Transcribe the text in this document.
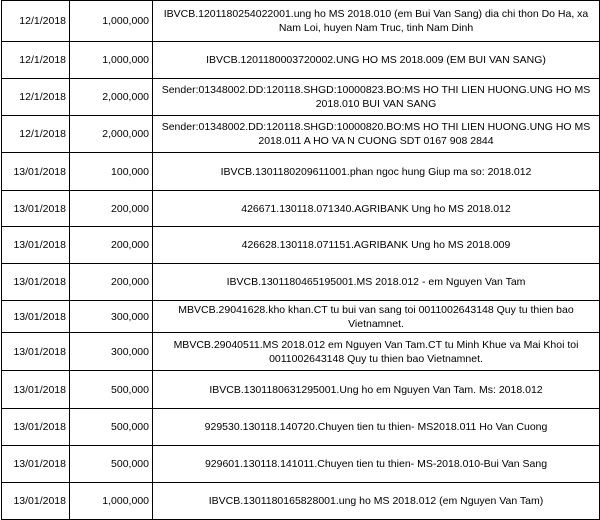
12/1/2018	1,000,000	IBVCB.1201180254022001.ung ho MS 2018.010 (em Bui Van Sang) dia chi thon Do Ha, xa Nam Loi, huyen Nam Truc, tinh Nam Dinh
12/1/2018	1,000,000	IBVCB.1201180003720002.UNG HO MS 2018.009 (EM BUI VAN SANG)
12/1/2018	2,000,000	Sender:01348002.DD:120118.SHGD:10000823.BO:MS HO THI LIEN HUONG.UNG HO MS 2018.010 BUI VAN SANG
12/1/2018	2,000,000	Sender:01348002.DD:120118.SHGD:10000820.BO:MS HO THI LIEN HUONG.UNG HO MS 2018.011 A HO VA N CUONG SDT 0167 908 2844
13/01/2018	100,000	IBVCB.1301180209611001.phan ngoc hung Giup ma so: 2018.012
13/01/2018	200,000	426671.130118.071340.AGRIBANK Ung ho MS 2018.012
13/01/2018	200,000	426628.130118.071151.AGRIBANK Ung ho MS 2018.009
13/01/2018	200,000	IBVCB.1301180465195001.MS 2018.012 - em Nguyen Van Tam
13/01/2018	300,000	MBVCB.29041628.kho khan.CT tu bui van sang toi 0011002643148 Quy tu thien bao Vietnamnet.
13/01/2018	300,000	MBVCB.29040511.MS 2018.012 em Nguyen Van Tam.CT tu Minh Khue va Mai Khoi toi 0011002643148 Quy tu thien bao Vietnamnet.
13/01/2018	500,000	IBVCB.1301180631295001.Ung ho em Nguyen Van Tam. Ms: 2018.012
13/01/2018	500,000	929530.130118.140720.Chuyen tien tu thien- MS2018.011 Ho Van Cuong
13/01/2018	500,000	929601.130118.141011.Chuyen tien tu thien- MS-2018.010-Bui Van Sang
13/01/2018	1,000,000	IBVCB.1301180165828001.ung ho MS 2018.012 (em Nguyen Van Tam)
